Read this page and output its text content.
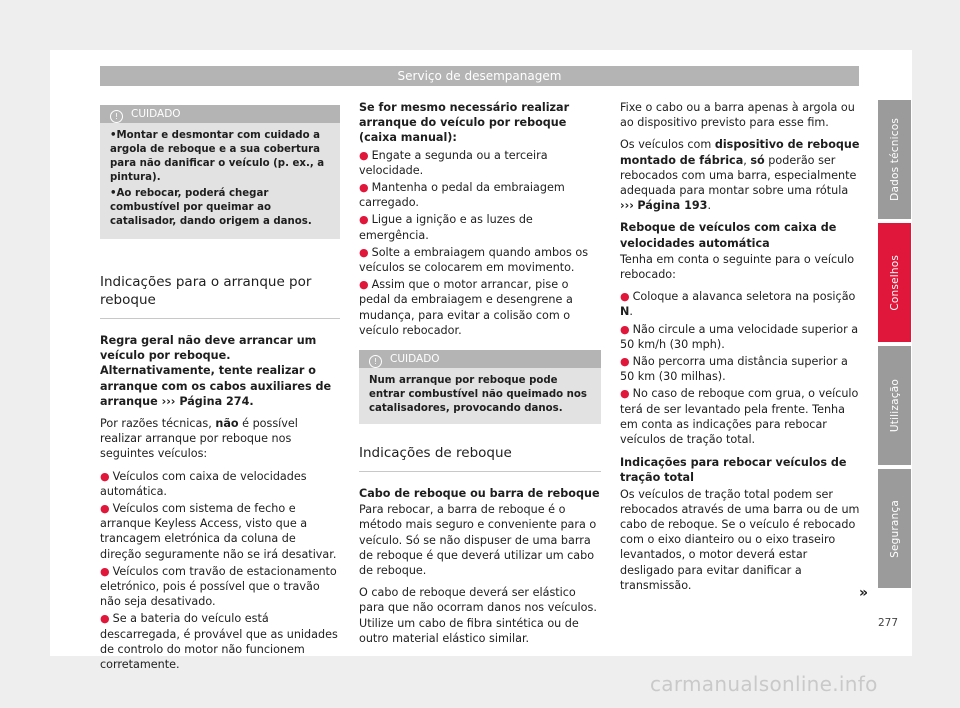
Serviço de desempanagem
Dados técnicos
Conselhos
Utilização
Segurança
! CUIDADO
•Montar e desmontar com cuidado a argola de reboque e a sua cobertura para não danificar o veículo (p. ex., a pintura).
•Ao rebocar, poderá chegar combustível por queimar ao catalisador, dando origem a danos.
Indicações para o arranque por reboque

Regra geral não deve arrancar um veículo por reboque. Alternativamente, tente realizar o arranque com os cabos auxiliares de arranque ››› Página 274.

Por razões técnicas, não é possível realizar arranque por reboque nos seguintes veículos:

● Veículos com caixa de velocidades automática.
● Veículos com sistema de fecho e arranque Keyless Access, visto que a trancagem eletrónica da coluna de direção seguramente não se irá desativar.
● Veículos com travão de estacionamento eletrónico, pois é possível que o travão não seja desativado.
● Se a bateria do veículo está descarregada, é provável que as unidades de controlo do motor não funcionem corretamente.

Se for mesmo necessário realizar arranque do veículo por reboque (caixa manual):

● Engate a segunda ou a terceira velocidade.
● Mantenha o pedal da embraiagem carregado.
● Ligue a ignição e as luzes de emergência.
● Solte a embraiagem quando ambos os veículos se colocarem em movimento.
● Assim que o motor arrancar, pise o pedal da embraiagem e desengrene a mudança, para evitar a colisão com o veículo rebocador.
! CUIDADO
Num arranque por reboque pode entrar combustível não queimado nos catalisadores, provocando danos.
Indicações de reboque

Cabo de reboque ou barra de reboque

Para rebocar, a barra de reboque é o método mais seguro e conveniente para o veículo. Só se não dispuser de uma barra de reboque é que deverá utilizar um cabo de reboque.

O cabo de reboque deverá ser elástico para que não ocorram danos nos veículos. Utilize um cabo de fibra sintética ou de outro material elástico similar.

Fixe o cabo ou a barra apenas à argola ou ao dispositivo previsto para esse fim.

Os veículos com dispositivo de reboque montado de fábrica, só poderão ser rebocados com uma barra, especialmente adequada para montar sobre uma rótula ››› Página 193.

Reboque de veículos com caixa de velocidades automática

Tenha em conta o seguinte para o veículo rebocado:

● Coloque a alavanca seletora na posição N.
● Não circule a uma velocidade superior a 50 km/h (30 mph).
● Não percorra uma distância superior a 50 km (30 milhas).
● No caso de reboque com grua, o veículo terá de ser levantado pela frente. Tenha em conta as indicações para rebocar veículos de tração total.

Indicações para rebocar veículos de tração total

Os veículos de tração total podem ser rebocados através de uma barra ou de um cabo de reboque. Se o veículo é rebocado com o eixo dianteiro ou o eixo traseiro levantados, o motor deverá estar desligado para evitar danificar a transmissão.	»
277
carmanualsonline.info
